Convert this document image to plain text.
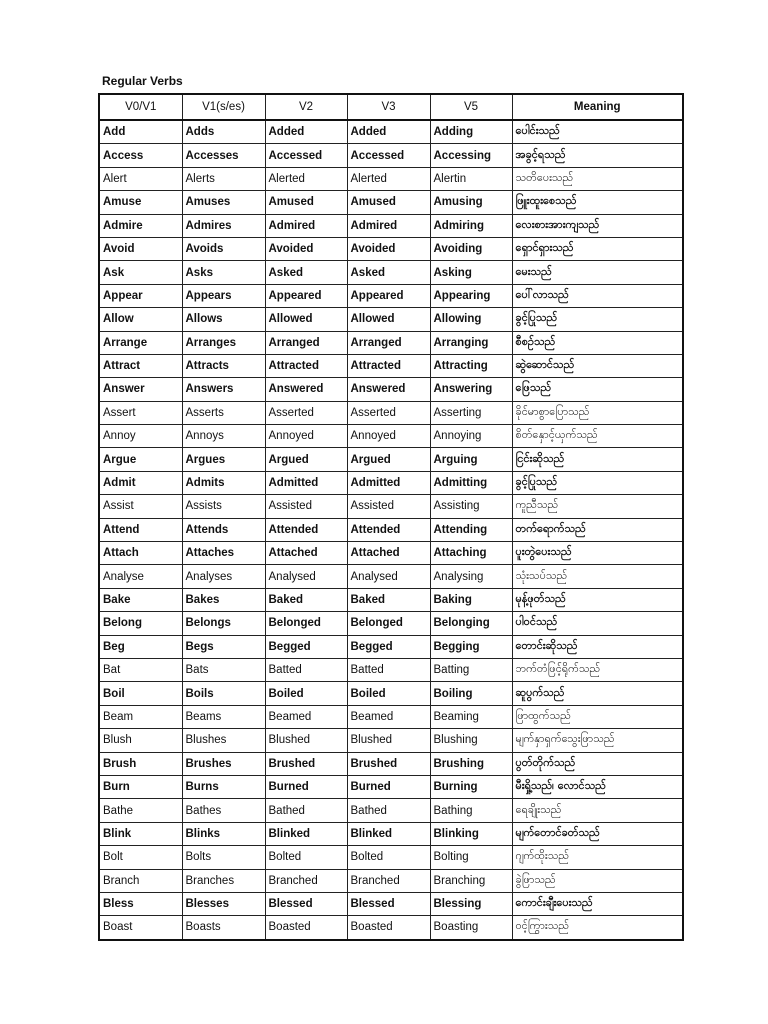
Regular Verbs
V0/V1	V1(s/es)	V2	V3	V5	Meaning
Add	Adds	Added	Added	Adding	ပေါင်းသည်
Access	Accesses	Accessed	Accessed	Accessing	အခွင့်ရသည်
Alert	Alerts	Alerted	Alerted	Alertin	သတိပေးသည်
Amuse	Amuses	Amused	Amused	Amusing	ဖြူးထူးစေသည်
Admire	Admires	Admired	Admired	Admiring	လေးစားအားကျသည်
Avoid	Avoids	Avoided	Avoided	Avoiding	ရှောင်ရှားသည်
Ask	Asks	Asked	Asked	Asking	မေးသည်
Appear	Appears	Appeared	Appeared	Appearing	ပေါ်လာသည်
Allow	Allows	Allowed	Allowed	Allowing	ခွင့်ပြုသည်
Arrange	Arranges	Arranged	Arranged	Arranging	စီစဉ်သည်
Attract	Attracts	Attracted	Attracted	Attracting	ဆွဲဆောင်သည်
Answer	Answers	Answered	Answered	Answering	ဖြေသည်
Assert	Asserts	Asserted	Asserted	Asserting	ခိုင်မာစွာပြောသည်
Annoy	Annoys	Annoyed	Annoyed	Annoying	စိတ်နှောင့်ယှက်သည်
Argue	Argues	Argued	Argued	Arguing	ငြင်းဆိုသည်
Admit	Admits	Admitted	Admitted	Admitting	ခွင့်ပြုသည်
Assist	Assists	Assisted	Assisted	Assisting	ကူညီသည်
Attend	Attends	Attended	Attended	Attending	တက်ရောက်သည်
Attach	Attaches	Attached	Attached	Attaching	ပူးတွဲပေးသည်
Analyse	Analyses	Analysed	Analysed	Analysing	သုံးသပ်သည်
Bake	Bakes	Baked	Baked	Baking	မုန့်ဖုတ်သည်
Belong	Belongs	Belonged	Belonged	Belonging	ပါဝင်သည်
Beg	Begs	Begged	Begged	Begging	တောင်းဆိုသည်
Bat	Bats	Batted	Batted	Batting	ဘက်တံဖြင့်ရိုက်သည်
Boil	Boils	Boiled	Boiled	Boiling	ဆူပွက်သည်
Beam	Beams	Beamed	Beamed	Beaming	ဖြာထွက်သည်
Blush	Blushes	Blushed	Blushed	Blushing	မျက်နှာရှက်သွေးဖြာသည်
Brush	Brushes	Brushed	Brushed	Brushing	ပွတ်တိုက်သည်
Burn	Burns	Burned	Burned	Burning	မီးရှို့သည်၊ လောင်သည်
Bathe	Bathes	Bathed	Bathed	Bathing	ရေချိုးသည်
Blink	Blinks	Blinked	Blinked	Blinking	မျက်တောင်ခတ်သည်
Bolt	Bolts	Bolted	Bolted	Bolting	ဂျက်ထိုးသည်
Branch	Branches	Branched	Branched	Branching	ခွဲဖြာသည်
Bless	Blesses	Blessed	Blessed	Blessing	ကောင်းချီးပေးသည်
Boast	Boasts	Boasted	Boasted	Boasting	ဝင့်ကြွားသည်
